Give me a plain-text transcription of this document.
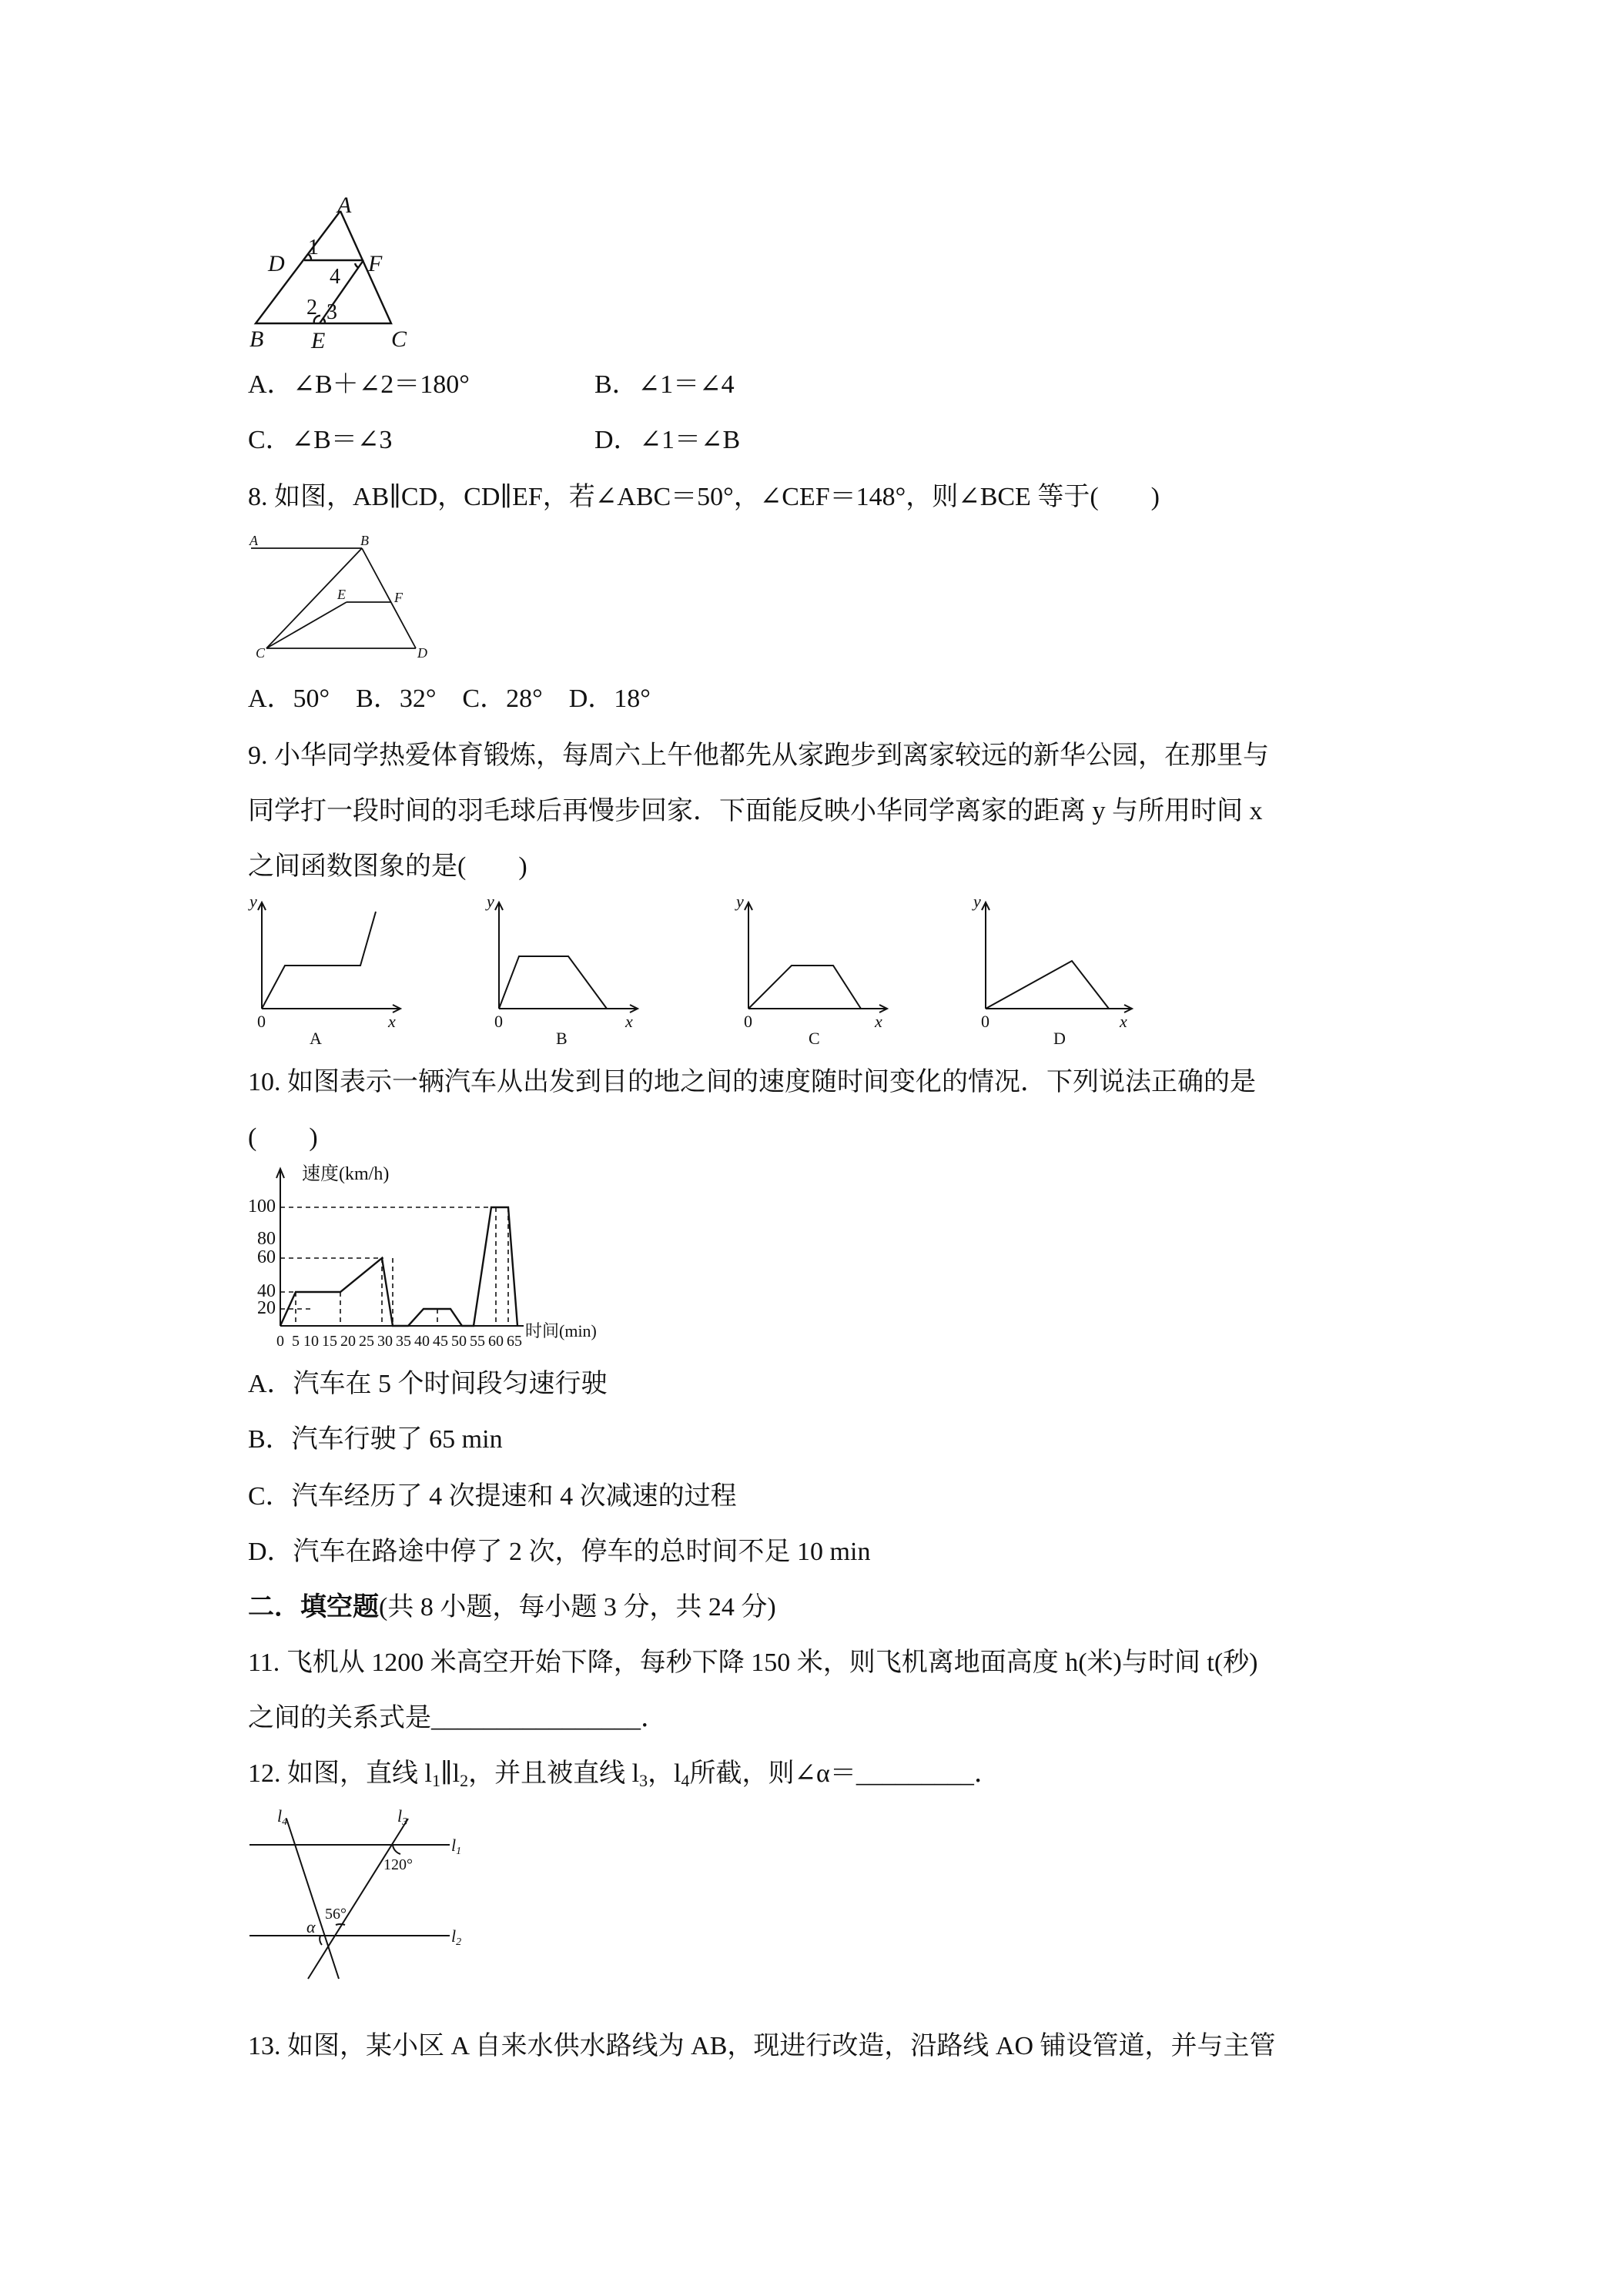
A
D	F
B E	C
1
4
2 3
A．∠B＋∠2＝180°	B．∠1＝∠4
C．∠B＝∠3	D．∠1＝∠B
8. 如图，AB∥CD，CD∥EF，若∠ABC＝50°，∠CEF＝148°，则∠BCE 等于(　　)
A	B
E	F
C	D
A．50°　B．32°　C．28°　D．18°
9. 小华同学热爱体育锻炼，每周六上午他都先从家跑步到离家较远的新华公园，在那里与
同学打一段时间的羽毛球后再慢步回家．下面能反映小华同学离家的距离 y 与所用时间 x
之间函数图象的是(　　)
y
0	x
A
y
0	x
B
y
0	x
C
y
0	x
D
10. 如图表示一辆汽车从出发到目的地之间的速度随时间变化的情况．下列说法正确的是
(　　)
速度(km/h)
时间(min)
20
40
60
80
100
0 5 10 15 20 25 30 35 40 45 50 55 60 65
A．汽车在 5 个时间段匀速行驶
B．汽车行驶了 65 min
C．汽车经历了 4 次提速和 4 次减速的过程
D．汽车在路途中停了 2 次，停车的总时间不足 10 min
二．填空题(共 8 小题，每小题 3 分，共 24 分)
11. 飞机从 1200 米高空开始下降，每秒下降 150 米，则飞机离地面高度 h(米)与时间 t(秒)
之间的关系式是________________．
12. 如图，直线 $l_1\parallel l_2$，并且被直线 $l_3$，$l_4$所截，则∠α＝_________．
l4	l3
l1
l2
120°
56°
α
13. 如图，某小区 A 自来水供水路线为 AB，现进行改造，沿路线 AO 铺设管道，并与主管
